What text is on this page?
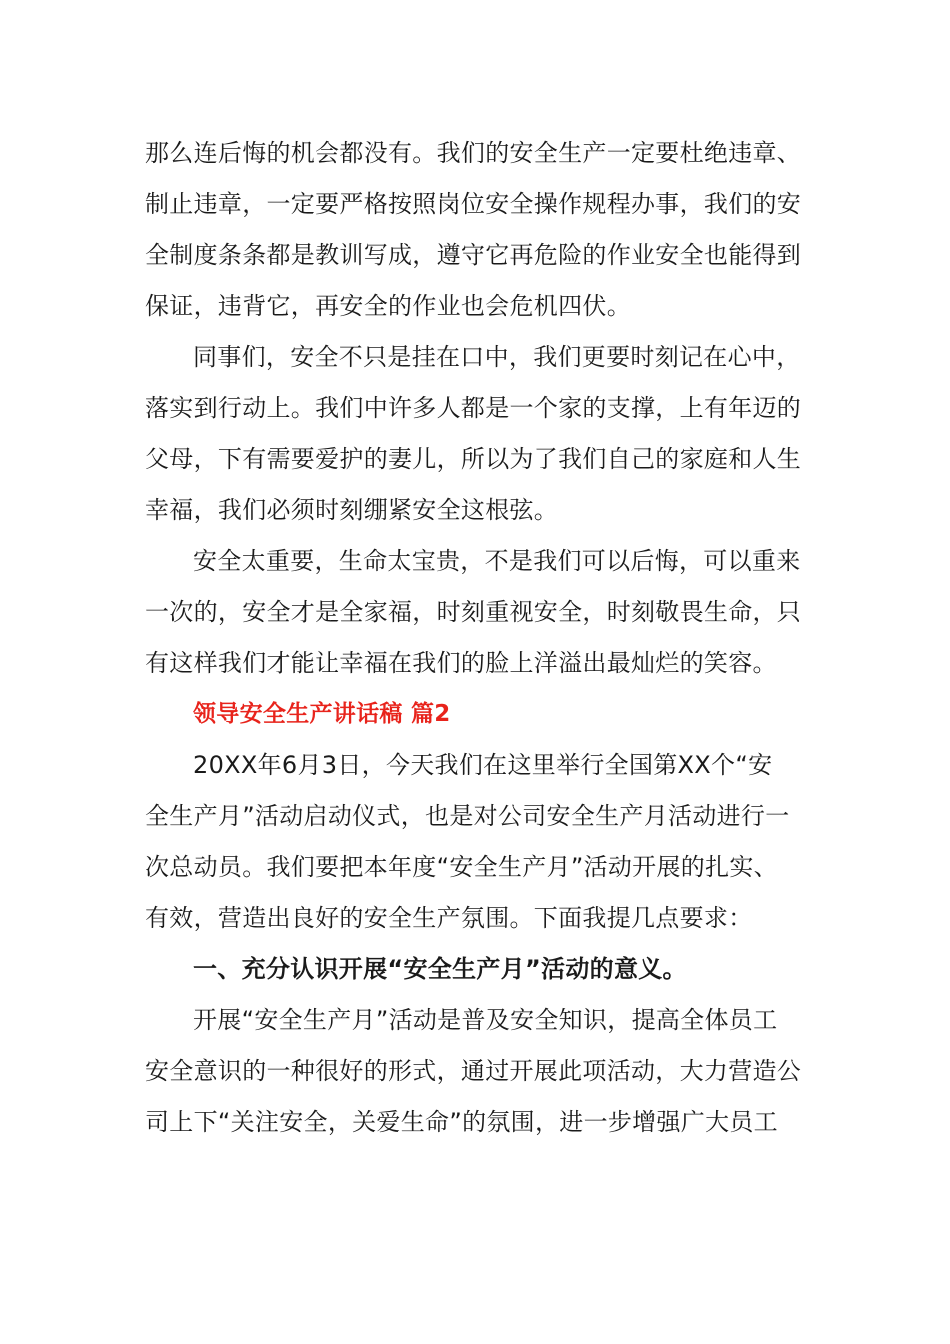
那么连后悔的机会都没有。我们的安全生产一定要杜绝违章、
制止违章，一定要严格按照岗位安全操作规程办事，我们的安
全制度条条都是教训写成，遵守它再危险的作业安全也能得到
保证，违背它，再安全的作业也会危机四伏。
同事们，安全不只是挂在口中，我们更要时刻记在心中，
落实到行动上。我们中许多人都是一个家的支撑，上有年迈的
父母，下有需要爱护的妻儿，所以为了我们自己的家庭和人生
幸福，我们必须时刻绷紧安全这根弦。
安全太重要，生命太宝贵，不是我们可以后悔，可以重来
一次的，安全才是全家福，时刻重视安全，时刻敬畏生命，只
有这样我们才能让幸福在我们的脸上洋溢出最灿烂的笑容。
领导安全生产讲话稿 篇2
20XX年6月3日，今天我们在这里举行全国第XX个“安
全生产月”活动启动仪式，也是对公司安全生产月活动进行一
次总动员。我们要把本年度“安全生产月”活动开展的扎实、
有效，营造出良好的安全生产氛围。下面我提几点要求：
一、充分认识开展“安全生产月”活动的意义。
开展“安全生产月”活动是普及安全知识，提高全体员工
安全意识的一种很好的形式，通过开展此项活动，大力营造公
司上下“关注安全，关爱生命”的氛围，进一步增强广大员工
